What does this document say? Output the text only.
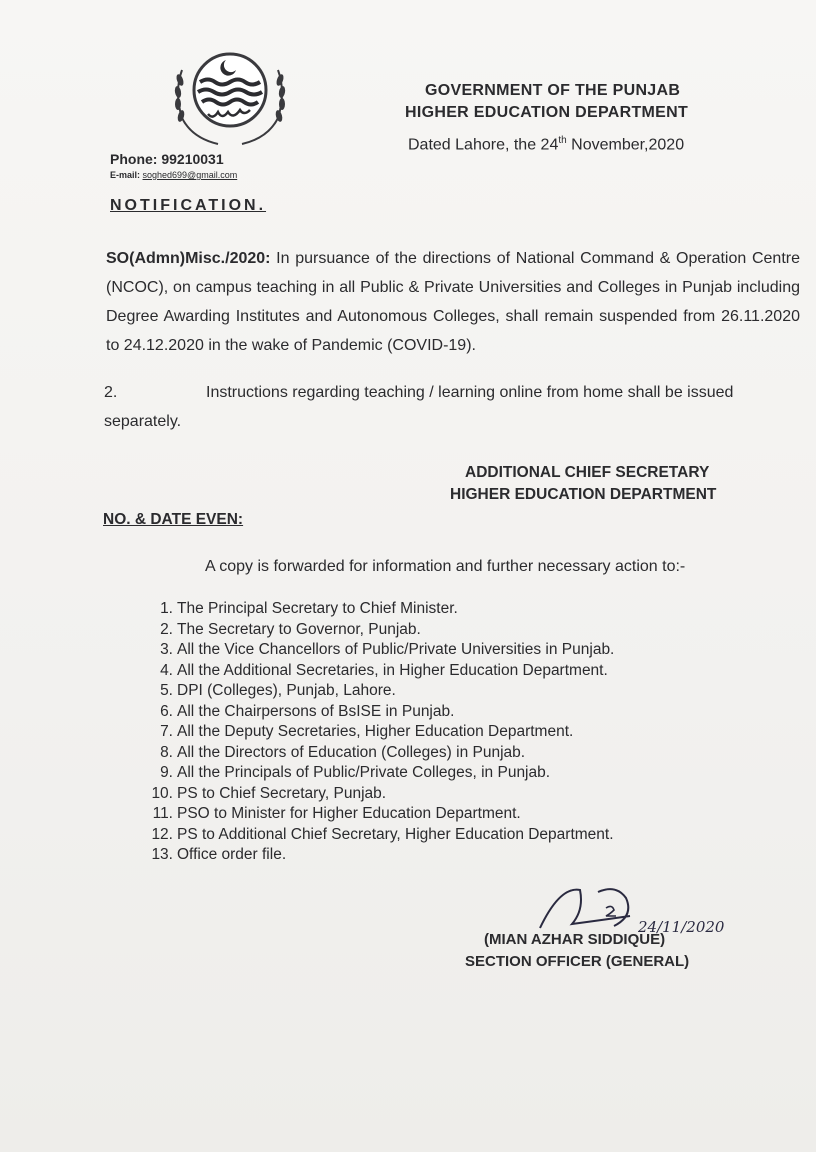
GOVERNMENT OF THE PUNJAB
HIGHER EDUCATION DEPARTMENT
Dated Lahore, the 24th November,2020
Phone: 99210031
E-mail: soghed699@gmail.com
NOTIFICATION.
SO(Admn)Misc./2020: In pursuance of the directions of National Command & Operation Centre (NCOC), on campus teaching in all Public & Private Universities and Colleges in Punjab including Degree Awarding Institutes and Autonomous Colleges, shall remain suspended from 26.11.2020 to 24.12.2020 in the wake of Pandemic (COVID-19).
2.	Instructions regarding teaching / learning online from home shall be issued separately.
ADDITIONAL CHIEF SECRETARY
HIGHER EDUCATION DEPARTMENT
NO. & DATE EVEN:
A copy is forwarded for information and further necessary action to:-
1. The Principal Secretary to Chief Minister.
2. The Secretary to Governor, Punjab.
3. All the Vice Chancellors of Public/Private Universities in Punjab.
4. All the Additional Secretaries, in Higher Education Department.
5. DPI (Colleges), Punjab, Lahore.
6. All the Chairpersons of BsISE in Punjab.
7. All the Deputy Secretaries, Higher Education Department.
8. All the Directors of Education (Colleges) in Punjab.
9. All the Principals of Public/Private Colleges, in Punjab.
10. PS to Chief Secretary, Punjab.
11. PSO to Minister for Higher Education Department.
12. PS to Additional Chief Secretary, Higher Education Department.
13. Office order file.
24/11/2020
(MIAN AZHAR SIDDIQUE)
SECTION OFFICER (GENERAL)
